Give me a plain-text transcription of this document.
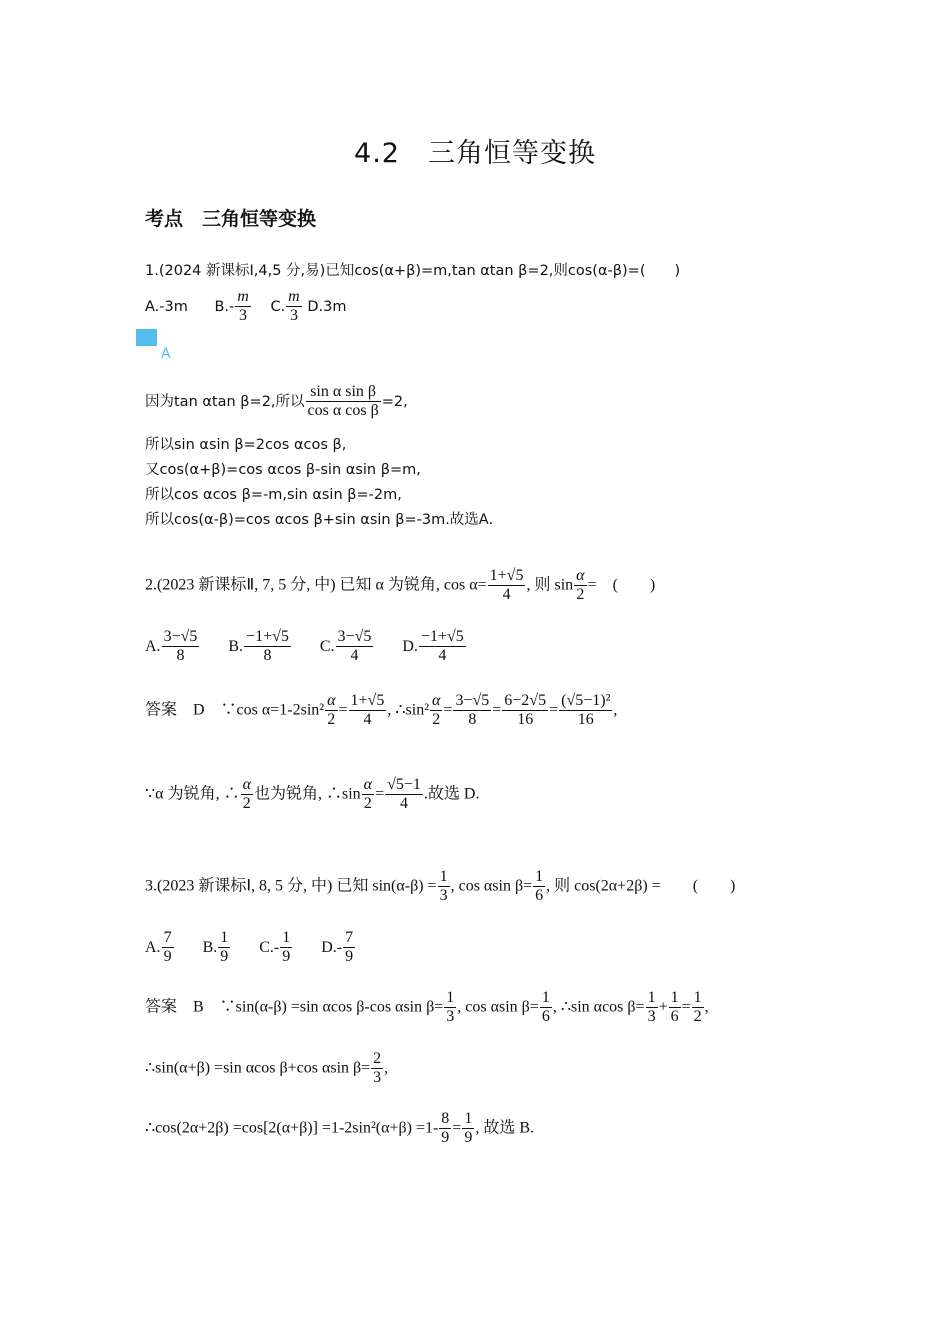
4.2　三角恒等变换
考点　三角恒等变换
1.(2024 新课标Ⅰ,4,5 分,易)已知cos(α+β)=m,tan αtan β=2,则cos(α-β)=(　　)
A.-3m $B.- \frac{m}{3} C$. $\frac{m}{3} D.3m$
A
因为tan αtan β=2,所以 $\frac{\text{sin α sin β}}{\text{cos α cos β}} =2$,
所以sin αsin β=2cos αcos β,
又cos(α+β)=cos αcos β-sin αsin β=m,
所以cos αcos β=-m,sin αsin β=-2m,
所以cos(α-β)=cos αcos β+sin αsin β=-3m.故选A.
2.(2023 新课标Ⅱ, 7, 5 分, 中) 已知 α 为锐角, $\cos \alpha= \frac{1+√5}{4}$ , 则 $\sin \frac{\alpha}{2}$ =　(　　)
A. $\frac{3-√5}{8} B$. $\frac{-1+√5}{8} C$. $\frac{3-√5}{4} D$. $\frac{-1+√5}{4}$
答案　D　∵cos $\alpha=1-2\sin^2 \frac{\alpha}{2} = \frac{1+√5}{4}$ , ∴sin² $\frac{\alpha}{2} = \frac{3-√5}{8} = \frac{6-2√5}{16} = \frac{\text{(√5−1)²}}{16}$ ,
∵α 为锐角, ∴ $\frac{\alpha}{2}$ 也为锐角, ∴sin $\frac{\alpha}{2} = \frac{√5-1}{4}$ .故选 D.
3.(2023 新课标Ⅰ, 8, 5 分, 中) 已知 $\sin(\alpha-\beta) = \frac{1}{3}$ , cos αsin $\beta= \frac{1}{6}$ , 则 cos(2α+2β) =　　(　　)
A. $\frac{7}{9} B$. $\frac{1}{9} C.- \frac{1}{9} D.- \frac{7}{9}$
答案　B　∵sin(α-β) =sin αcos β-cos αsin $\beta= \frac{1}{3}$ , cos αsin $\beta= \frac{1}{6}$ , ∴sin αcos $\beta= \frac{1}{3} + \frac{1}{6} = \frac{1}{2}$ ,
∴sin(α+β) =sin αcos β+cos αsin $\beta= \frac{2}{3}$ ,
∴cos(2α+2β) $=\cos[2(\alpha+\beta)] =1-2\sin^2(\alpha+\beta) =1- \frac{8}{9} = \frac{1}{9}$ , 故选 B.
